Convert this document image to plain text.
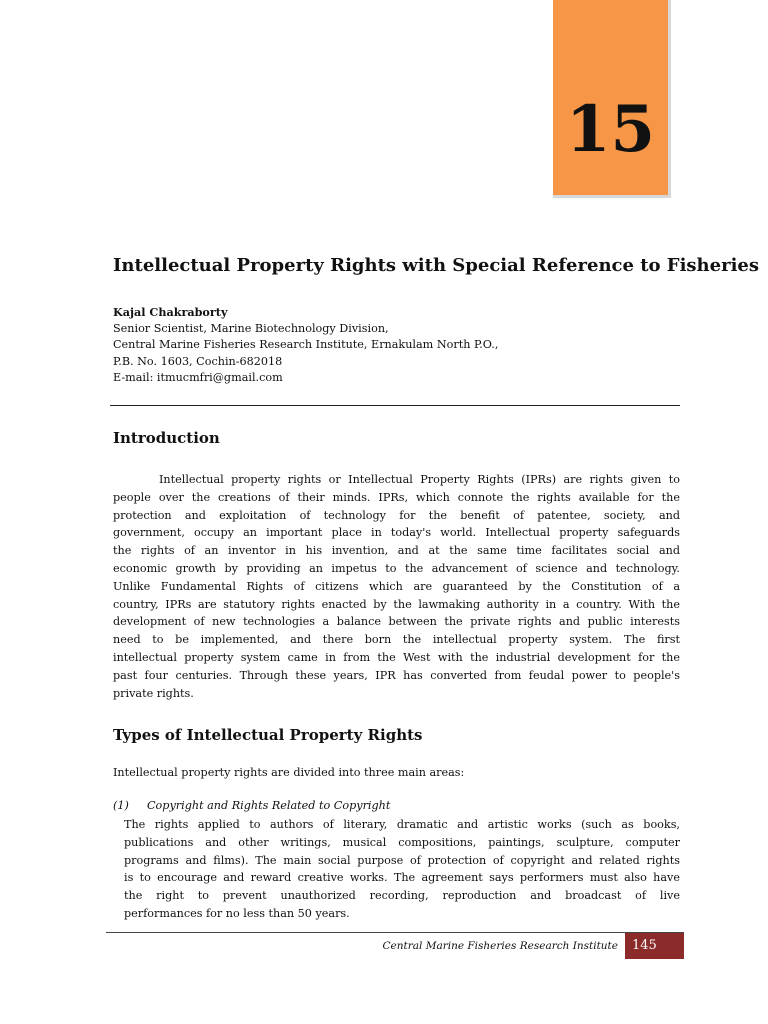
15
Intellectual Property Rights with Special Reference to Fisheries
Kajal Chakraborty
Senior Scientist, Marine Biotechnology Division,
Central Marine Fisheries Research Institute, Ernakulam North P.O.,
P.B. No. 1603, Cochin-682018
E-mail: itmucmfri@gmail.com
Introduction
Intellectual property rights or Intellectual Property Rights (IPRs) are rights given to
people over the creations of their minds. IPRs, which connote the rights available for the
protection and exploitation of technology for the benefit of patentee, society, and
government, occupy an important place in today's world. Intellectual property safeguards
the rights of an inventor in his invention, and at the same time facilitates social and
economic growth by providing an impetus to the advancement of science and technology.
Unlike Fundamental Rights of citizens which are guaranteed by the Constitution of a
country, IPRs are statutory rights enacted by the lawmaking authority in a country. With the
development of new technologies a balance between the private rights and public interests
need to be implemented, and there born the intellectual property system. The first
intellectual property system came in from the West with the industrial development for the
past four centuries. Through these years, IPR has converted from feudal power to people's
private rights.
Types of Intellectual Property Rights
Intellectual property rights are divided into three main areas:
(1) Copyright and Rights Related to Copyright
The rights applied to authors of literary, dramatic and artistic works (such as books,
publications and other writings, musical compositions, paintings, sculpture, computer
programs and films). The main social purpose of protection of copyright and related rights
is to encourage and reward creative works. The agreement says performers must also have
the right to prevent unauthorized recording, reproduction and broadcast of live
performances for no less than 50 years.
Central Marine Fisheries Research Institute	145
